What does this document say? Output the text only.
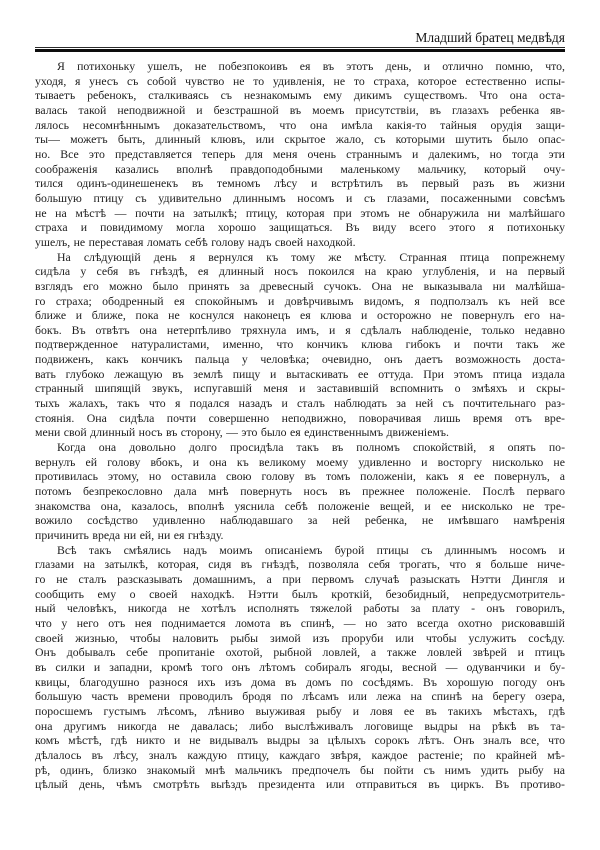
Младший братец медвѣдя
Я потихоньку ушелъ, не побезпокоивъ ея въ этотъ день, и отлично помню, что,
уходя, я унесъ съ собой чувство не то удивленія, не то страха, которое естественно испы-
тываетъ ребенокъ, сталкиваясь съ незнакомымъ ему дикимъ существомъ. Что она оста-
валась такой неподвижной и безстрашной въ моемъ присутствіи, въ глазахъ ребенка яв-
лялось несомнѣннымъ доказательствомъ, что она имѣла какія-то тайныя орудія защи-
ты— можетъ быть, длинный клювъ, или скрытое жало, съ которыми шутить было опас-
но. Все это представляется теперь для меня очень страннымъ и далекимъ, но тогда эти
соображенія казались вполнѣ правдоподобными маленькому мальчику, который очу-
тился одинъ-одинешенекъ въ темномъ лѣсу и встрѣтилъ въ первый разъ въ жизни
большую птицу съ удивительно длиннымъ носомъ и съ глазами, посаженными совсѣмъ
не на мѣстѣ — почти на затылкѣ; птицу, которая при этомъ не обнаружила ни малѣйшаго
страха и повидимому могла хорошо защищаться. Въ виду всего этого я потихоньку
ушелъ, не переставая ломать себѣ голову надъ своей находкой.
На слѣдующій день я вернулся къ тому же мѣсту. Странная птица попрежнему
сидѣла у себя въ гнѣздѣ, ея длинный носъ покоился на краю углубленія, и на первый
взглядъ его можно было принять за древесный сучокъ. Она не выказывала ни малѣйша-
го страха; ободренный ея спокойнымъ и довѣрчивымъ видомъ, я подползалъ къ ней все
ближе и ближе, пока не коснулся наконецъ ея клюва и осторожно не повернулъ его на-
бокъ. Въ отвѣтъ она нетерпѣливо тряхнула имъ, и я сдѣлалъ наблюденіе, только недавно
подтвержденное натуралистами, именно, что кончикъ клюва гибокъ и почти такъ же
подвиженъ, какъ кончикъ пальца у человѣка; очевидно, онъ даетъ возможность доста-
вать глубоко лежащую въ землѣ пищу и вытаскивать ее оттуда. При этомъ птица издала
странный шипящій звукъ, испугавшій меня и заставившій вспомнить о змѣяхъ и скры-
тыхъ жалахъ, такъ что я подался назадъ и сталъ наблюдать за ней съ почтительнаго раз-
стоянія. Она сидѣла почти совершенно неподвижно, поворачивая лишь время отъ вре-
мени свой длинный носъ въ сторону, — это было ея единственнымъ движеніемъ.
Когда она довольно долго просидѣла такъ въ полномъ спокойствій, я опять по-
вернулъ ей голову вбокъ, и она къ великому моему удивленно и восторгу нисколько не
противилась этому, но оставила свою голову въ томъ положеніи, какъ я ее повернулъ, а
потомъ безпрекословно дала мнѣ повернуть носъ въ прежнее положеніе. Послѣ перваго
знакомства она, казалось, вполнѣ уяснила себѣ положеніе вещей, и ее нисколько не тре-
вожило сосѣдство удивленно наблюдавшаго за ней ребенка, не имѣвшаго намѣренія
причинить вреда ни ей, ни ея гнѣзду.
Всѣ такъ смѣялись надъ моимъ описаніемъ бурой птицы съ длиннымъ носомъ и
глазами на затылкѣ, которая, сидя въ гнѣздѣ, позволяла себя трогать, что я больше ниче-
го не сталъ разсказывать домашнимъ, а при первомъ случаѣ разыскать Нэтти Дингля и
сообщить ему о своей находкѣ. Нэтти былъ кроткій, безобидный, непредусмотритель-
ный человѣкъ, никогда не хотѣлъ исполнять тяжелой работы за плату - онъ говорилъ,
что у него отъ нея поднимается ломота въ спинѣ, — но зато всегда охотно рисковавшій
своей жизнью, чтобы наловить рыбы зимой изъ проруби или чтобы услужить сосѣду.
Онъ добывалъ себе пропитаніе охотой, рыбной ловлей, а также ловлей звѣрей и птицъ
въ силки и западни, кромѣ того онъ лѣтомъ собиралъ ягоды, весной — одуванчики и бу-
квицы, благодушно разнося ихъ изъ дома въ домъ по сосѣдямъ. Въ хорошую погоду онъ
большую часть времени проводилъ бродя по лѣсамъ или лежа на спинѣ на берегу озера,
поросшемъ густымъ лѣсомъ, лѣниво выуживая рыбу и ловя ее въ такихъ мѣстахъ, гдѣ
она другимъ никогда не давалась; либо выслѣживалъ логовище выдры на рѣкѣ въ та-
комъ мѣстѣ, гдѣ никто и не видывалъ выдры за цѣлыхъ сорокъ лѣтъ. Онъ зналъ все, что
дѣлалось въ лѣсу, зналъ каждую птицу, каждаго звѣря, каждое растеніе; по крайней мѣ-
рѣ, одинъ, близко знакомый мнѣ мальчикъ предпочелъ бы пойти съ нимъ удить рыбу на
цѣлый день, чѣмъ смотрѣть выѣздъ президента или отправиться въ циркъ. Въ противо-
